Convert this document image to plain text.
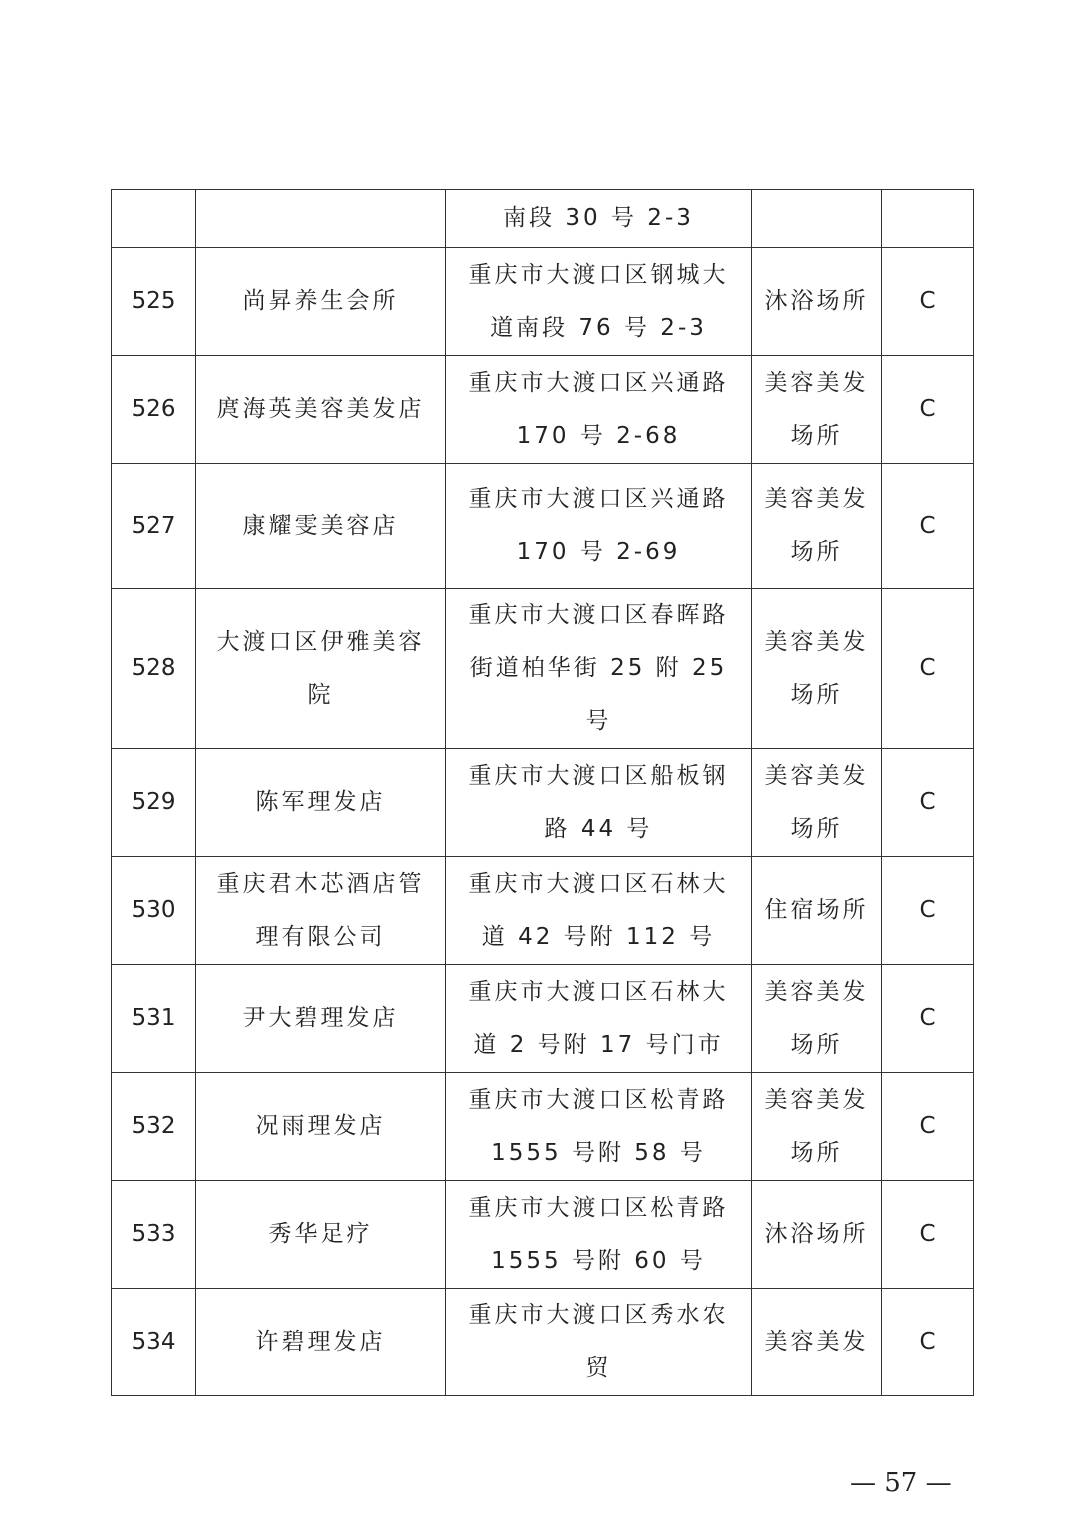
		南段 30 号 2-3		
525	尚昇养生会所	重庆市大渡口区钢城大道南段 76 号 2-3	沐浴场所	C
526	庹海英美容美发店	重庆市大渡口区兴通路 170 号 2-68	美容美发场所	C
527	康耀雯美容店	重庆市大渡口区兴通路 170 号 2-69	美容美发场所	C
528	大渡口区伊雅美容院	重庆市大渡口区春晖路街道柏华街 25 附 25 号	美容美发场所	C
529	陈军理发店	重庆市大渡口区船板钢路 44 号	美容美发场所	C
530	重庆君木芯酒店管理有限公司	重庆市大渡口区石林大道 42 号附 112 号	住宿场所	C
531	尹大碧理发店	重庆市大渡口区石林大道 2 号附 17 号门市	美容美发场所	C
532	况雨理发店	重庆市大渡口区松青路 1555 号附 58 号	美容美发场所	C
533	秀华足疗	重庆市大渡口区松青路 1555 号附 60 号	沐浴场所	C
534	许碧理发店	重庆市大渡口区秀水农贸	美容美发	C
— 57 —
